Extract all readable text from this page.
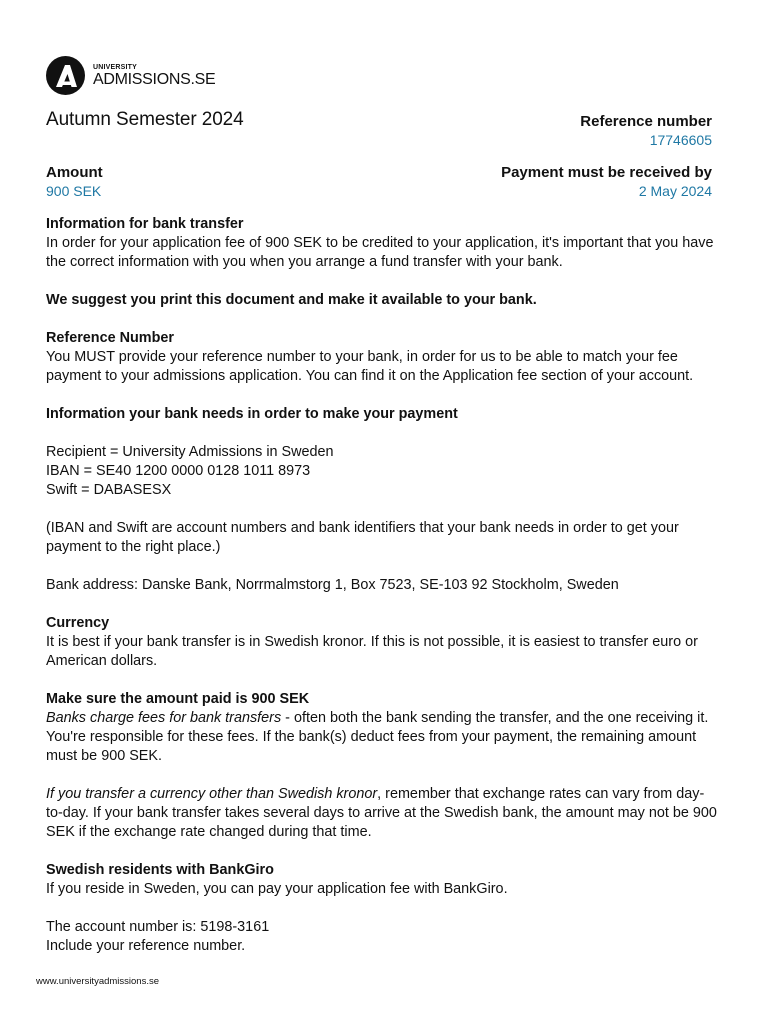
UNIVERSITY
ADMISSIONS.SE
Autumn Semester 2024	Reference number
17746605
Amount
900 SEK
Payment must be received by
2 May 2024

Information for bank transfer
In order for your application fee of 900 SEK to be credited to your application, it's important that you have the correct information with you when you arrange a fund transfer with your bank.

We suggest you print this document and make it available to your bank.

Reference Number
You MUST provide your reference number to your bank, in order for us to be able to match your fee payment to your admissions application. You can find it on the Application fee section of your account.

Information your bank needs in order to make your payment

Recipient = University Admissions in Sweden
IBAN = SE40 1200 0000 0128 1011 8973
Swift = DABASESX

(IBAN and Swift are account numbers and bank identifiers that your bank needs in order to get your payment to the right place.)

Bank address: Danske Bank, Norrmalmstorg 1, Box 7523, SE-103 92 Stockholm, Sweden

Currency
It is best if your bank transfer is in Swedish kronor. If this is not possible, it is easiest to transfer euro or American dollars.

Make sure the amount paid is 900 SEK
Banks charge fees for bank transfers - often both the bank sending the transfer, and the one receiving it. You're responsible for these fees. If the bank(s) deduct fees from your payment, the remaining amount must be 900 SEK.

If you transfer a currency other than Swedish kronor, remember that exchange rates can vary from day-to-day. If your bank transfer takes several days to arrive at the Swedish bank, the amount may not be 900 SEK if the exchange rate changed during that time.

Swedish residents with BankGiro
If you reside in Sweden, you can pay your application fee with BankGiro.

The account number is: 5198-3161
Include your reference number.

www.universityadmissions.se
